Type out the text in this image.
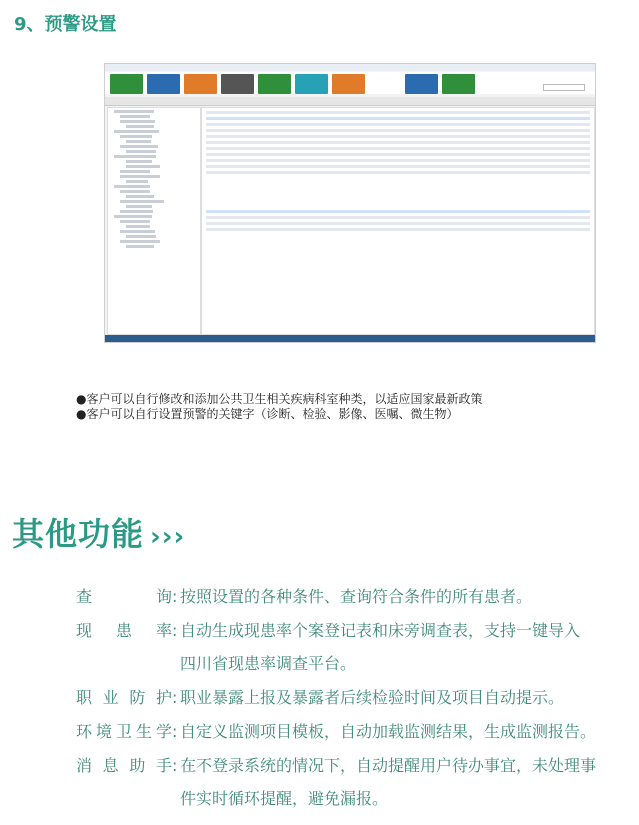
9、预警设置
●客户可以自行修改和添加公共卫生相关疾病科室种类，以适应国家最新政策
●客户可以自行设置预警的关键字（诊断、检验、影像、医嘱、微生物）
其他功能 ›››
查 询: 按照设置的各种条件、查询符合条件的所有患者。
现 患 率: 自动生成现患率个案登记表和床旁调查表，支持一键导入
四川省现患率调查平台。
职 业 防 护: 职业暴露上报及暴露者后续检验时间及项目自动提示。
环境卫生学: 自定义监测项目模板，自动加载监测结果，生成监测报告。
消 息 助 手: 在不登录系统的情况下，自动提醒用户待办事宜，未处理事
件实时循环提醒，避免漏报。
